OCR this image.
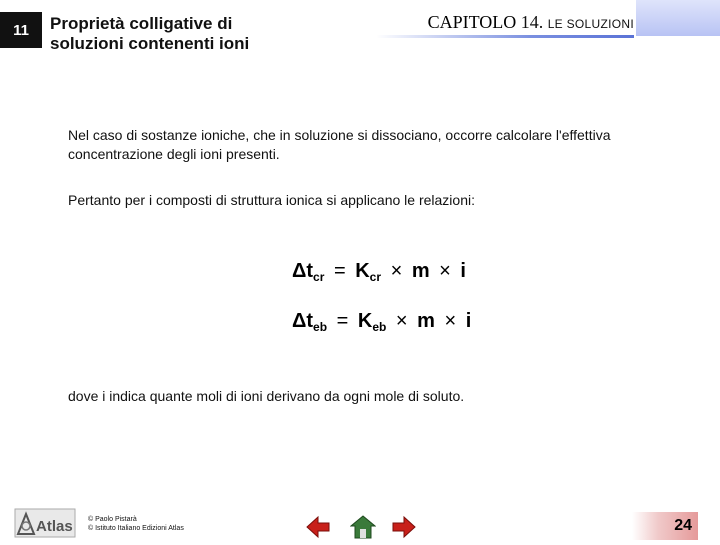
11	Proprietà colligative di
soluzioni contenenti ioni
CAPITOLO 14. LE SOLUZIONI
Nel caso di sostanze ioniche, che in soluzione si dissociano, occorre calcolare l'effettiva concentrazione degli ioni presenti.
Pertanto per i composti di struttura ionica si applicano le relazioni:
$\Delta t_{cr} = K_{cr} \times m \times i$
$\Delta t_{eb} = K_{eb} \times m \times i$
dove i indica quante moli di ioni derivano da ogni mole di soluto.
Atlas © Paolo Pistarà
© Istituto Italiano Edizioni Atlas	24
